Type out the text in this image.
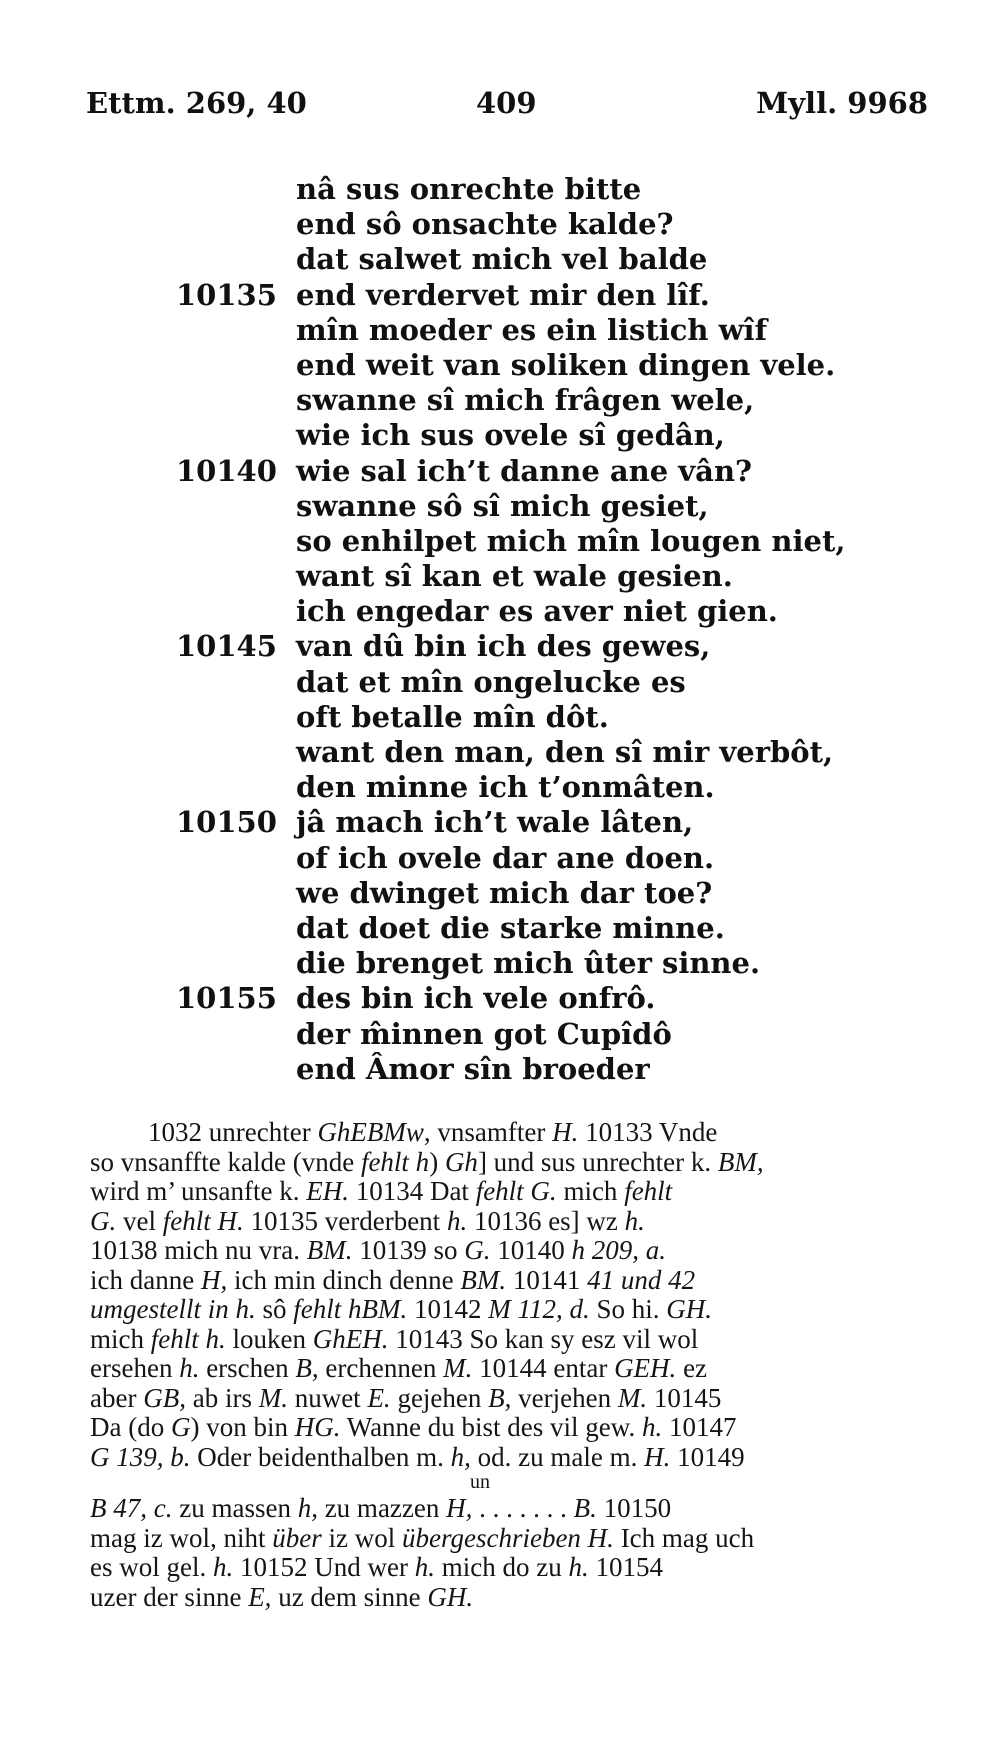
Ettm. 269, 40	409	Myll. 9968
nâ sus onrechte bitte
end sô onsachte kalde?
dat salwet mich vel balde
10135 end verdervet mir den lîf.
mîn moeder es ein listich wîf
end weit van soliken dingen vele.
swanne sî mich frâgen wele,
wie ich sus ovele sî gedân,
10140 wie sal ich’t danne ane vân?
swanne sô sî mich gesiet,
so enhilpet mich mîn lougen niet,
want sî kan et wale gesien.
ich engedar es aver niet gien.
10145 van dû bin ich des gewes,
dat et mîn ongelucke es
oft betalle mîn dôt.
want den man, den sî mir verbôt,
den minne ich t’onmâten.
10150 jâ mach ich’t wale lâten,
of ich ovele dar ane doen.
we dwinget mich dar toe?
dat doet die starke minne.
die brenget mich ûter sinne.
10155 des bin ich vele onfrô.
der m̂innen got Cupîdô
end Âmor sîn broeder
1032 unrechter GhEBMw, vnsamfter H. 10133 Vnde
so vnsanffte kalde (vnde fehlt h) Gh] und sus unrechter k. BM,
wird m’ unsanfte k. EH. 10134 Dat fehlt G. mich fehlt
G. vel fehlt H. 10135 verderbent h. 10136 es] wz h.
10138 mich nu vra. BM. 10139 so G. 10140 h 209, a.
ich danne H, ich min dinch denne BM. 10141 41 und 42
umgestellt in h. sô fehlt hBM. 10142 M 112, d. So hi. GH.
mich fehlt h. louken GhEH. 10143 So kan sy esz vil wol
ersehen h. erschen B, erchennen M. 10144 entar GEH. ez
aber GB, ab irs M. nuwet E. gejehen B, verjehen M. 10145
Da (do G) von bin HG. Wanne du bist des vil gew. h. 10147
G 139, b. Oder beidenthalben m. h, od. zu male m. H. 10149
un
B 47, c. zu massen h, zu mazzen H, . . . . . . . B. 10150
mag iz wol, niht über iz wol übergeschrieben H. Ich mag uch
es wol gel. h. 10152 Und wer h. mich do zu h. 10154
uzer der sinne E, uz dem sinne GH.
